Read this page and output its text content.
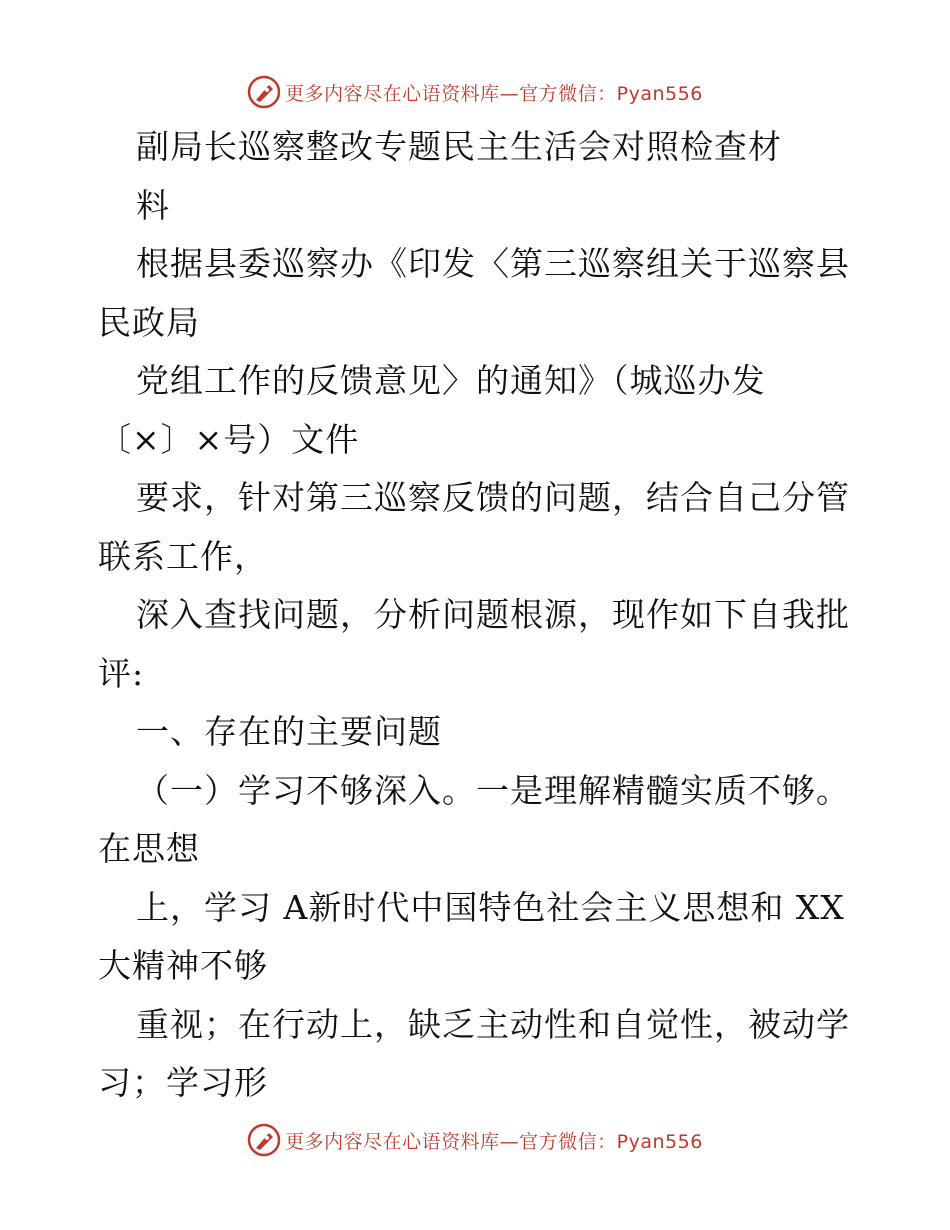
更多内容尽在心语资料库—官方微信：Pyan556
副局长巡察整改专题民主生活会对照检查材
料
根据县委巡察办《印发〈第三巡察组关于巡察县
民政局
党组工作的反馈意见〉的通知》（城巡办发
〔×〕×号）文件
要求，针对第三巡察反馈的问题，结合自己分管
联系工作，
深入查找问题，分析问题根源，现作如下自我批
评:
一、存在的主要问题
（一）学习不够深入。一是理解精髓实质不够。
在思想
上，学习 A新时代中国特色社会主义思想和 XX
大精神不够
重视；在行动上，缺乏主动性和自觉性，被动学
习；学习形
更多内容尽在心语资料库—官方微信：Pyan556
